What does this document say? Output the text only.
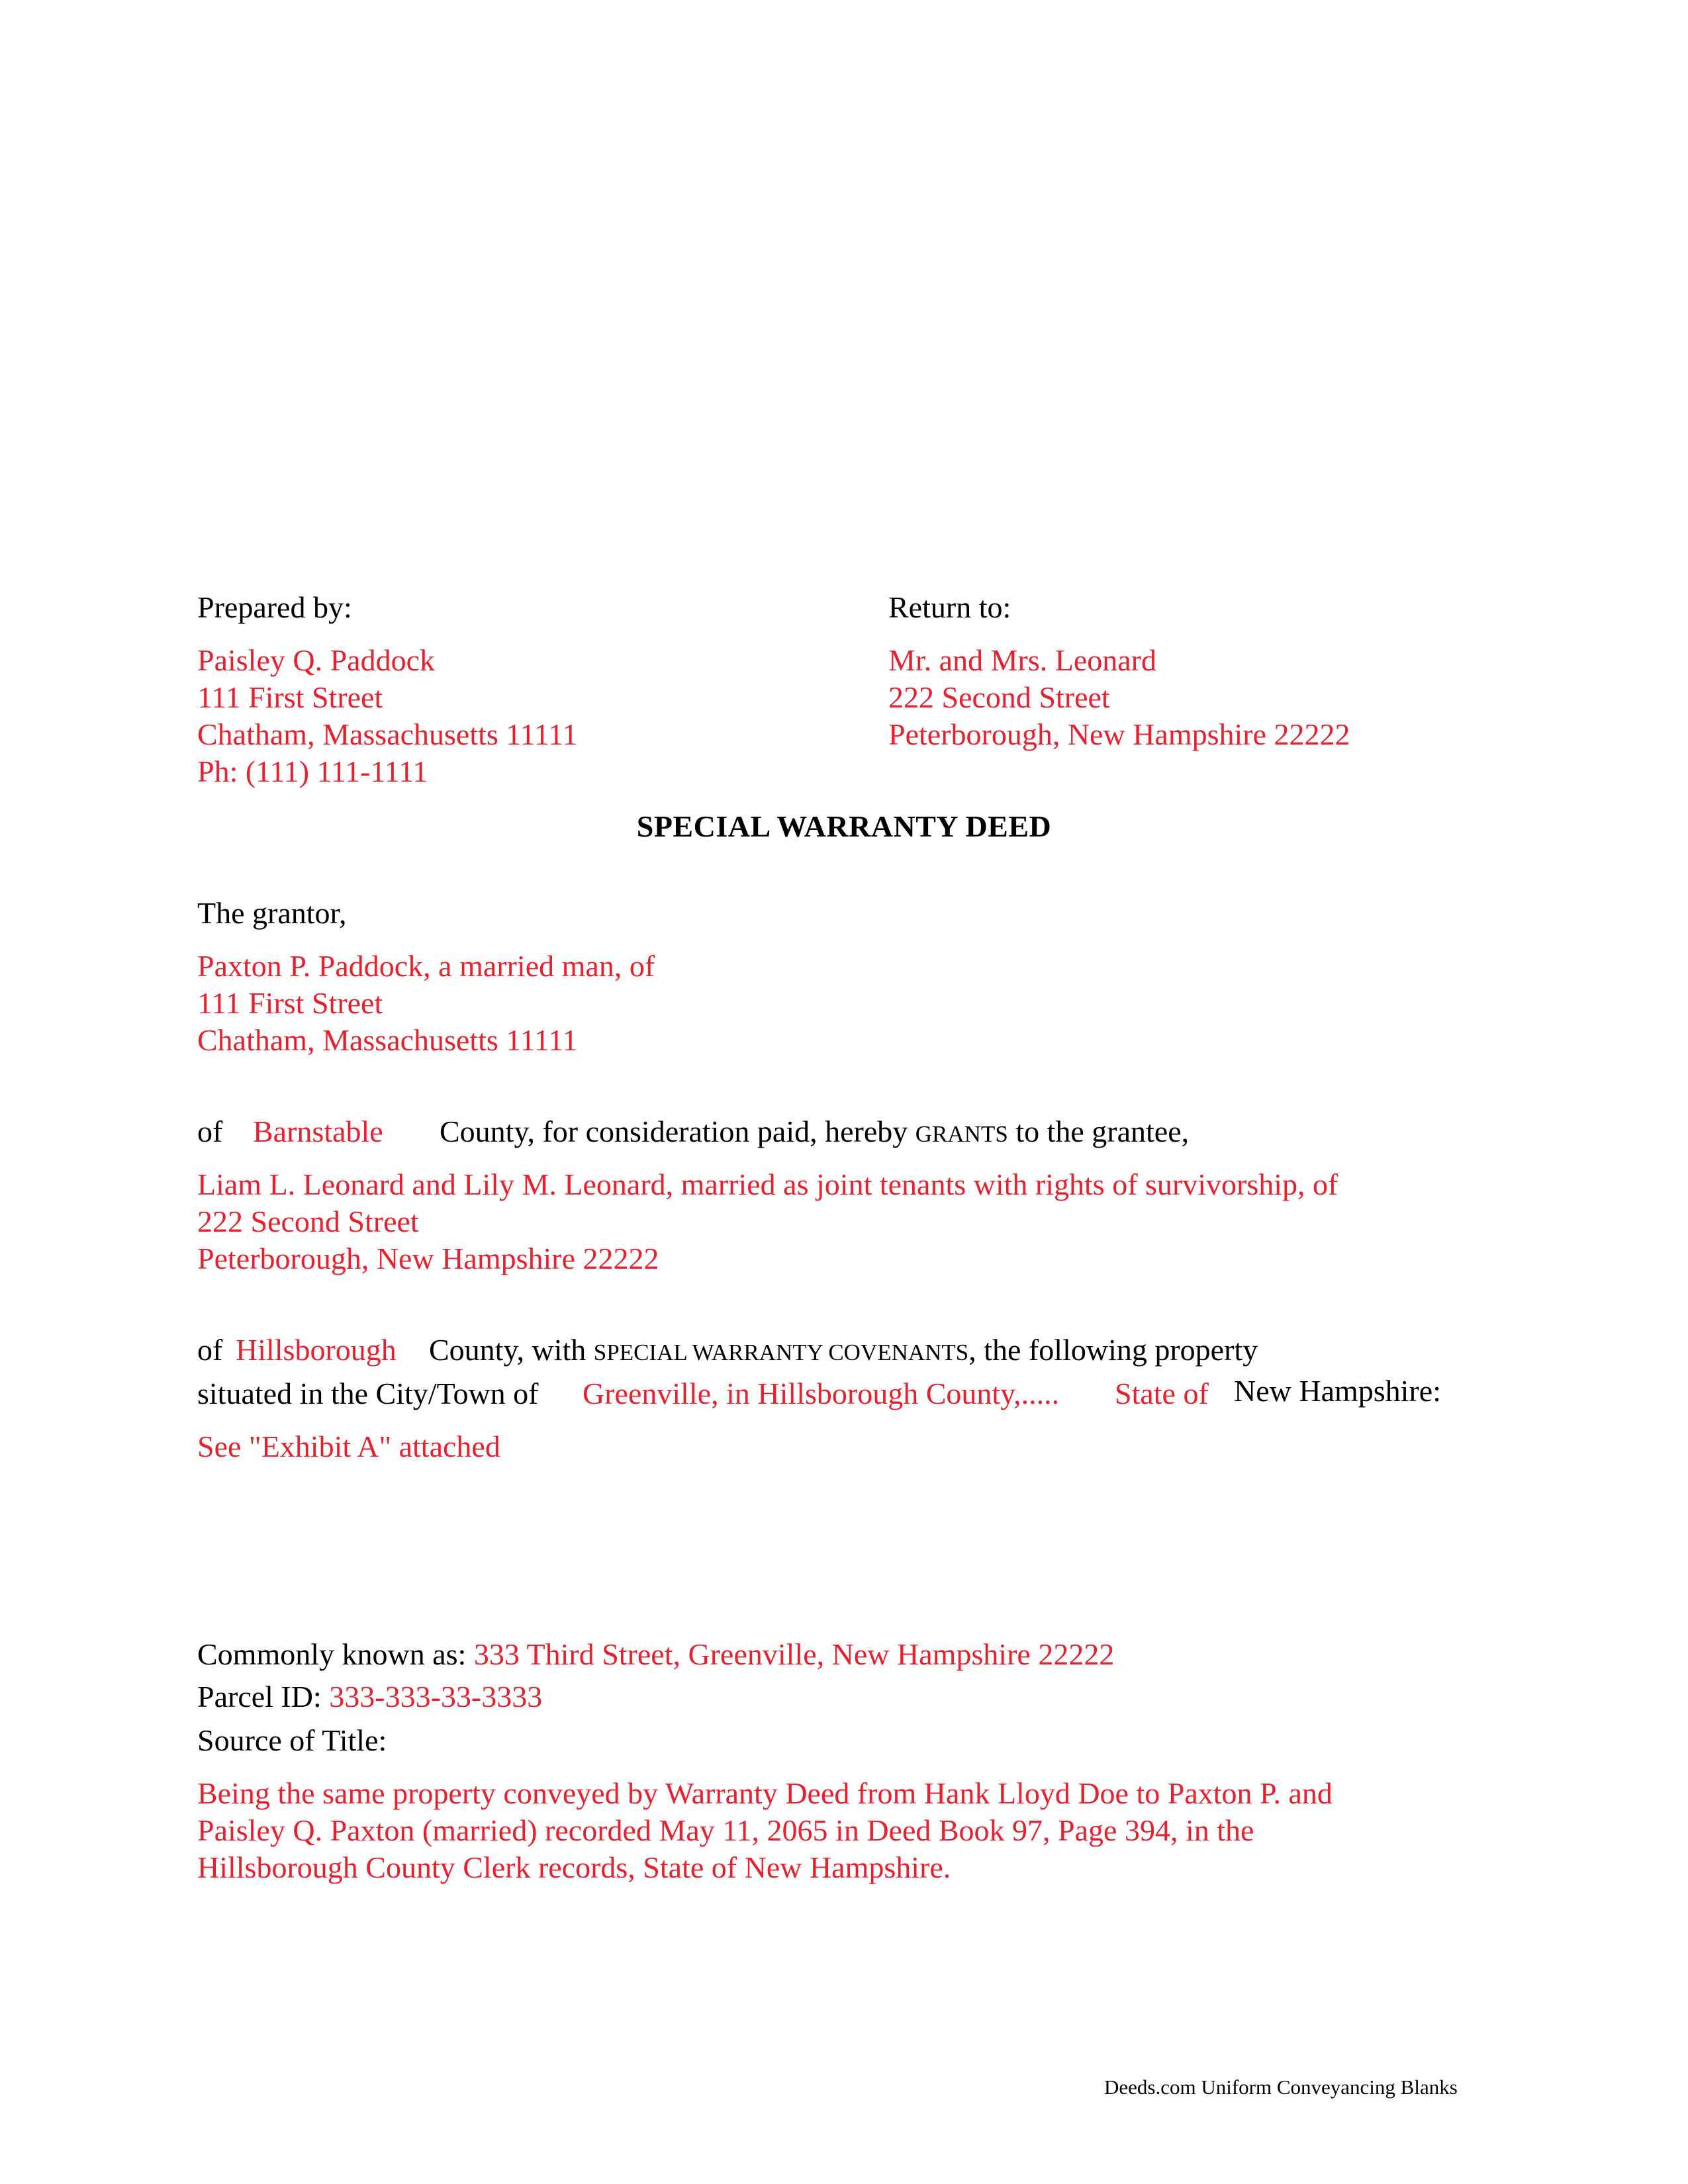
Prepared by:
Paisley Q. Paddock
111 First Street
Chatham, Massachusetts 11111
Ph: (111) 111-1111
Return to:
Mr. and Mrs. Leonard
222 Second Street
Peterborough, New Hampshire 22222
SPECIAL WARRANTY DEED
The grantor,
Paxton P. Paddock, a married man, of
111 First Street
Chatham, Massachusetts 11111
of Barnstable County, for consideration paid, hereby GRANTS to the grantee,
Liam L. Leonard and Lily M. Leonard, married as joint tenants with rights of survivorship, of
222 Second Street
Peterborough, New Hampshire 22222
of Hillsborough County, with SPECIAL WARRANTY COVENANTS, the following property
situated in the City/Town of Greenville, in Hillsborough County,..... State of New Hampshire:
See "Exhibit A" attached
Commonly known as: 333 Third Street, Greenville, New Hampshire 22222
Parcel ID: 333-333-33-3333
Source of Title:
Being the same property conveyed by Warranty Deed from Hank Lloyd Doe to Paxton P. and
Paisley Q. Paxton (married) recorded May 11, 2065 in Deed Book 97, Page 394, in the
Hillsborough County Clerk records, State of New Hampshire.
Deeds.com Uniform Conveyancing Blanks
